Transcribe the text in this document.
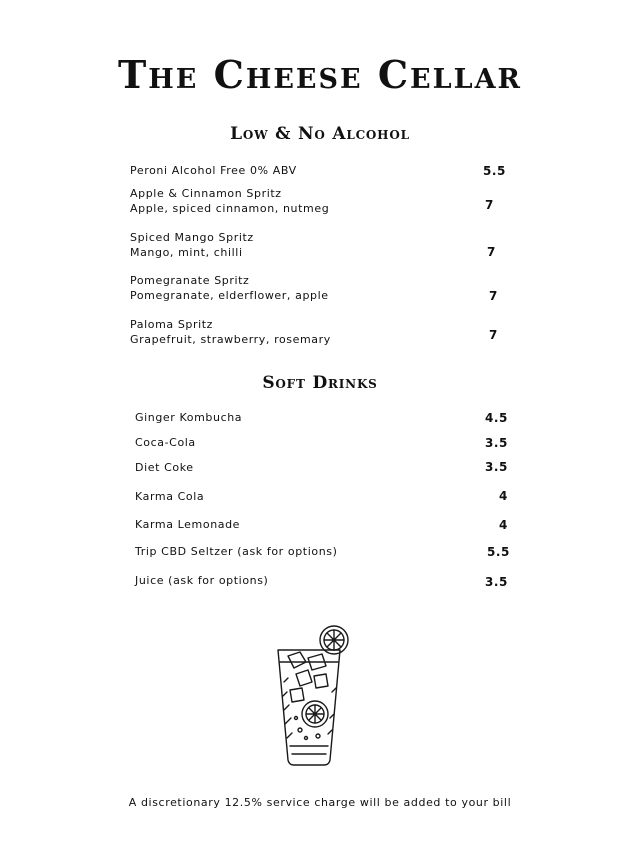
The Cheese Cellar
Low & No Alcohol
Peroni Alcohol Free 0% ABV	5.5
Apple & Cinnamon Spritz
Apple, spiced cinnamon, nutmeg	7
Spiced Mango Spritz
Mango, mint, chilli	7
Pomegranate Spritz
Pomegranate, elderflower, apple	7
Paloma Spritz
Grapefruit, strawberry, rosemary	7
Soft Drinks
Ginger Kombucha	4.5
Coca-Cola	3.5
Diet Coke	3.5
Karma Cola	4
Karma Lemonade	4
Trip CBD Seltzer (ask for options)	5.5
Juice (ask for options)	3.5

A discretionary 12.5% service charge will be added to your bill
